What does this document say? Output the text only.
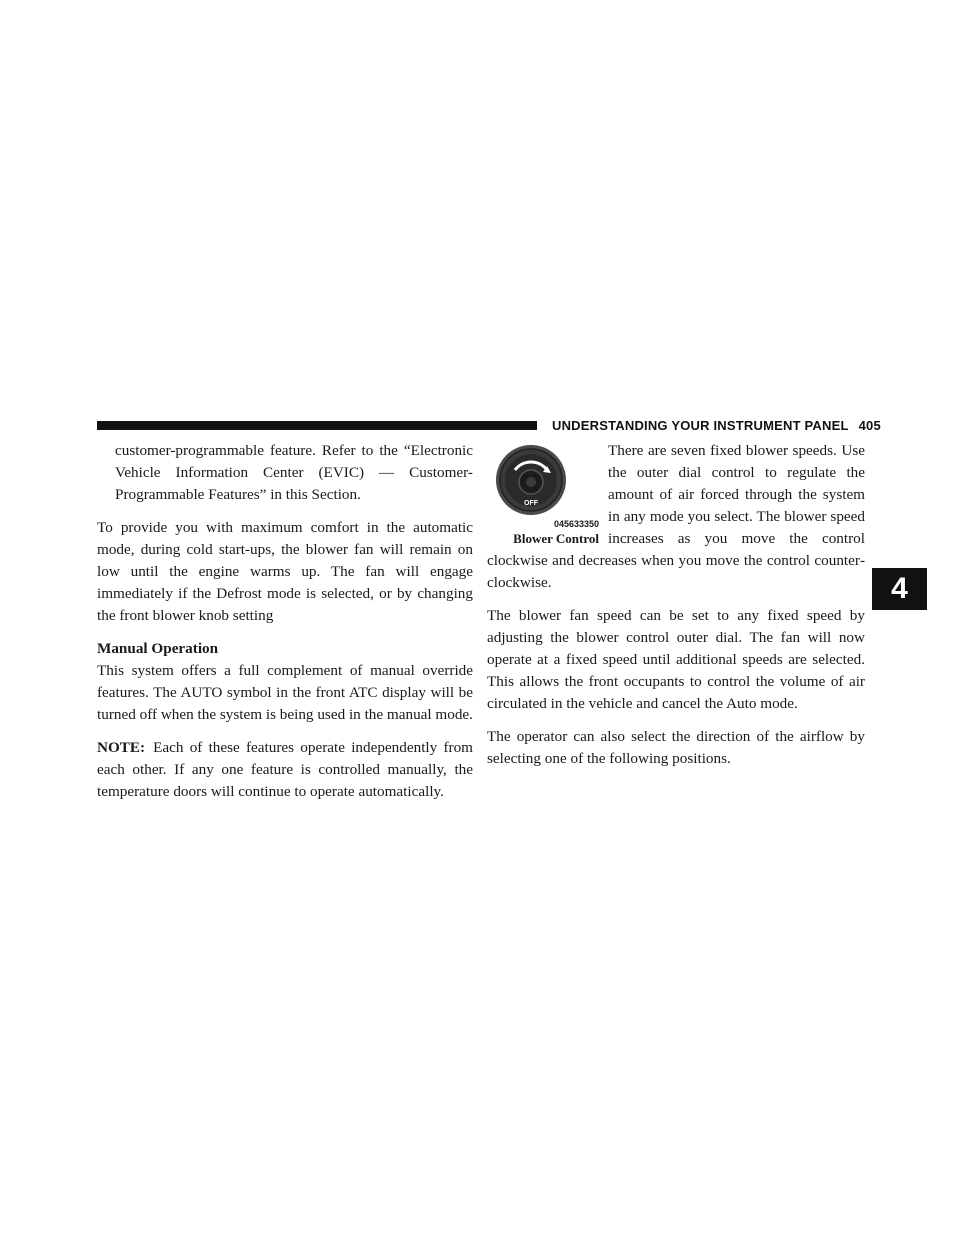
UNDERSTANDING YOUR INSTRUMENT PANEL 405
4

customer-programmable feature. Refer to the “Electronic Vehicle Information Center (EVIC) — Customer-Programmable Features” in this Section.

To provide you with maximum comfort in the automatic mode, during cold start-ups, the blower fan will remain on low until the engine warms up. The fan will engage immediately if the Defrost mode is selected, or by changing the front blower knob setting

Manual Operation

This system offers a full complement of manual override features. The AUTO symbol in the front ATC display will be turned off when the system is being used in the manual mode.

NOTE: Each of these features operate independently from each other. If any one feature is controlled manually, the temperature doors will continue to operate automatically.

OFF
045633350
Blower Control

There are seven fixed blower speeds. Use the outer dial control to regulate the amount of air forced through the system in any mode you select. The blower speed increases as you move the control clockwise and decreases when you move the control counterclockwise.

The blower fan speed can be set to any fixed speed by adjusting the blower control outer dial. The fan will now operate at a fixed speed until additional speeds are selected. This allows the front occupants to control the volume of air circulated in the vehicle and cancel the Auto mode.

The operator can also select the direction of the airflow by selecting one of the following positions.
